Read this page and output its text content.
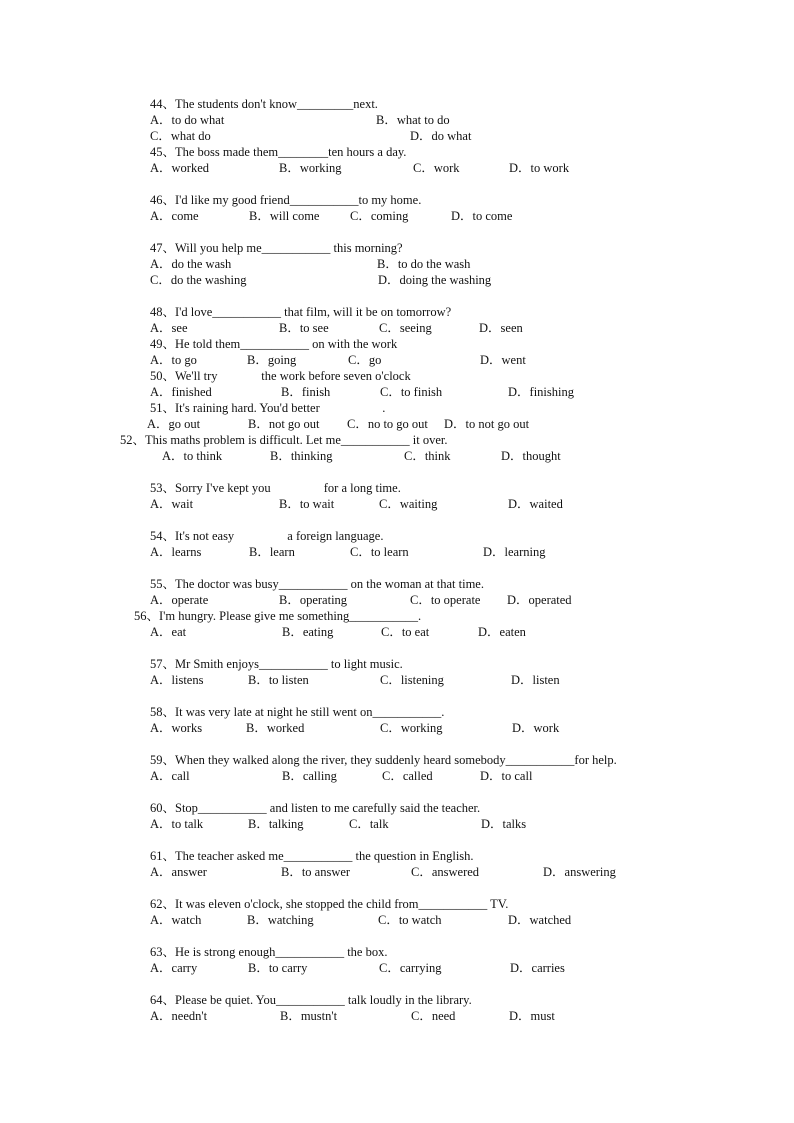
44、The students don't know_________next.

A．to do what

	B．what to do

C．what do

	D．do what

45、The boss made them________ten hours a day.

A．worked

	B．working

	C．work

	D．to work

46、I'd like my good friend___________to my home.

A．come

	B．will come

C．coming

	D．to come

47、Will you help me___________ this morning?

A．do the wash

	B．to do the wash

C．do the washing

	D．doing the washing

48、I'd love___________ that film, will it be on tomorrow?

A．see

	B．to see

	C．seeing

	D．seen

49、He told them___________ on with the work

A．to go

	B．going

	C．go

	D．went

50、We'll try              the work before seven o'clock

A．finished

	B．finish

	C．to finish

	D．finishing

51、It's raining hard. You'd better                    .

A．go out

	B．not go out

C．no to go out

D．to not go out

52、This maths problem is difficult. Let me___________ it over.

A．to think

	B．thinking

	C．think

	D．thought

53、Sorry I've kept you                 for a long time.

A．wait

	B．to wait

	C．waiting

	D．waited

54、It's not easy                 a foreign language.

A．learns

	B．learn

	C．to learn

	D．learning

55、The doctor was busy___________ on the woman at that time.

A．operate

	B．operating

	C．to operate

D．operated

56、I'm hungry. Please give me something___________.

A．eat

	B．eating

	C．to eat

	D．eaten

57、Mr Smith enjoys___________ to light music.

A．listens

	B．to listen

	C．listening

	D．listen

58、It was very late at night he still went on___________.

A．works

	B．worked

	C．working

	D．work

59、When they walked along the river, they suddenly heard somebody___________for help.

A．call

	B．calling

	C．called

	D．to call

60、Stop___________ and listen to me carefully said the teacher.

A．to talk

	B．talking

	C．talk

	D．talks

61、The teacher asked me___________ the question in English.

A．answer

	B．to answer

	C．answered

	D．answering

62、It was eleven o'clock, she stopped the child from___________ TV.

A．watch

	B．watching

	C．to watch

	D．watched

63、He is strong enough___________ the box.

A．carry

	B．to carry

	C．carrying

	D．carries

64、Please be quiet. You___________ talk loudly in the library.

A．needn't

	B．mustn't

	C．need

	D．must
